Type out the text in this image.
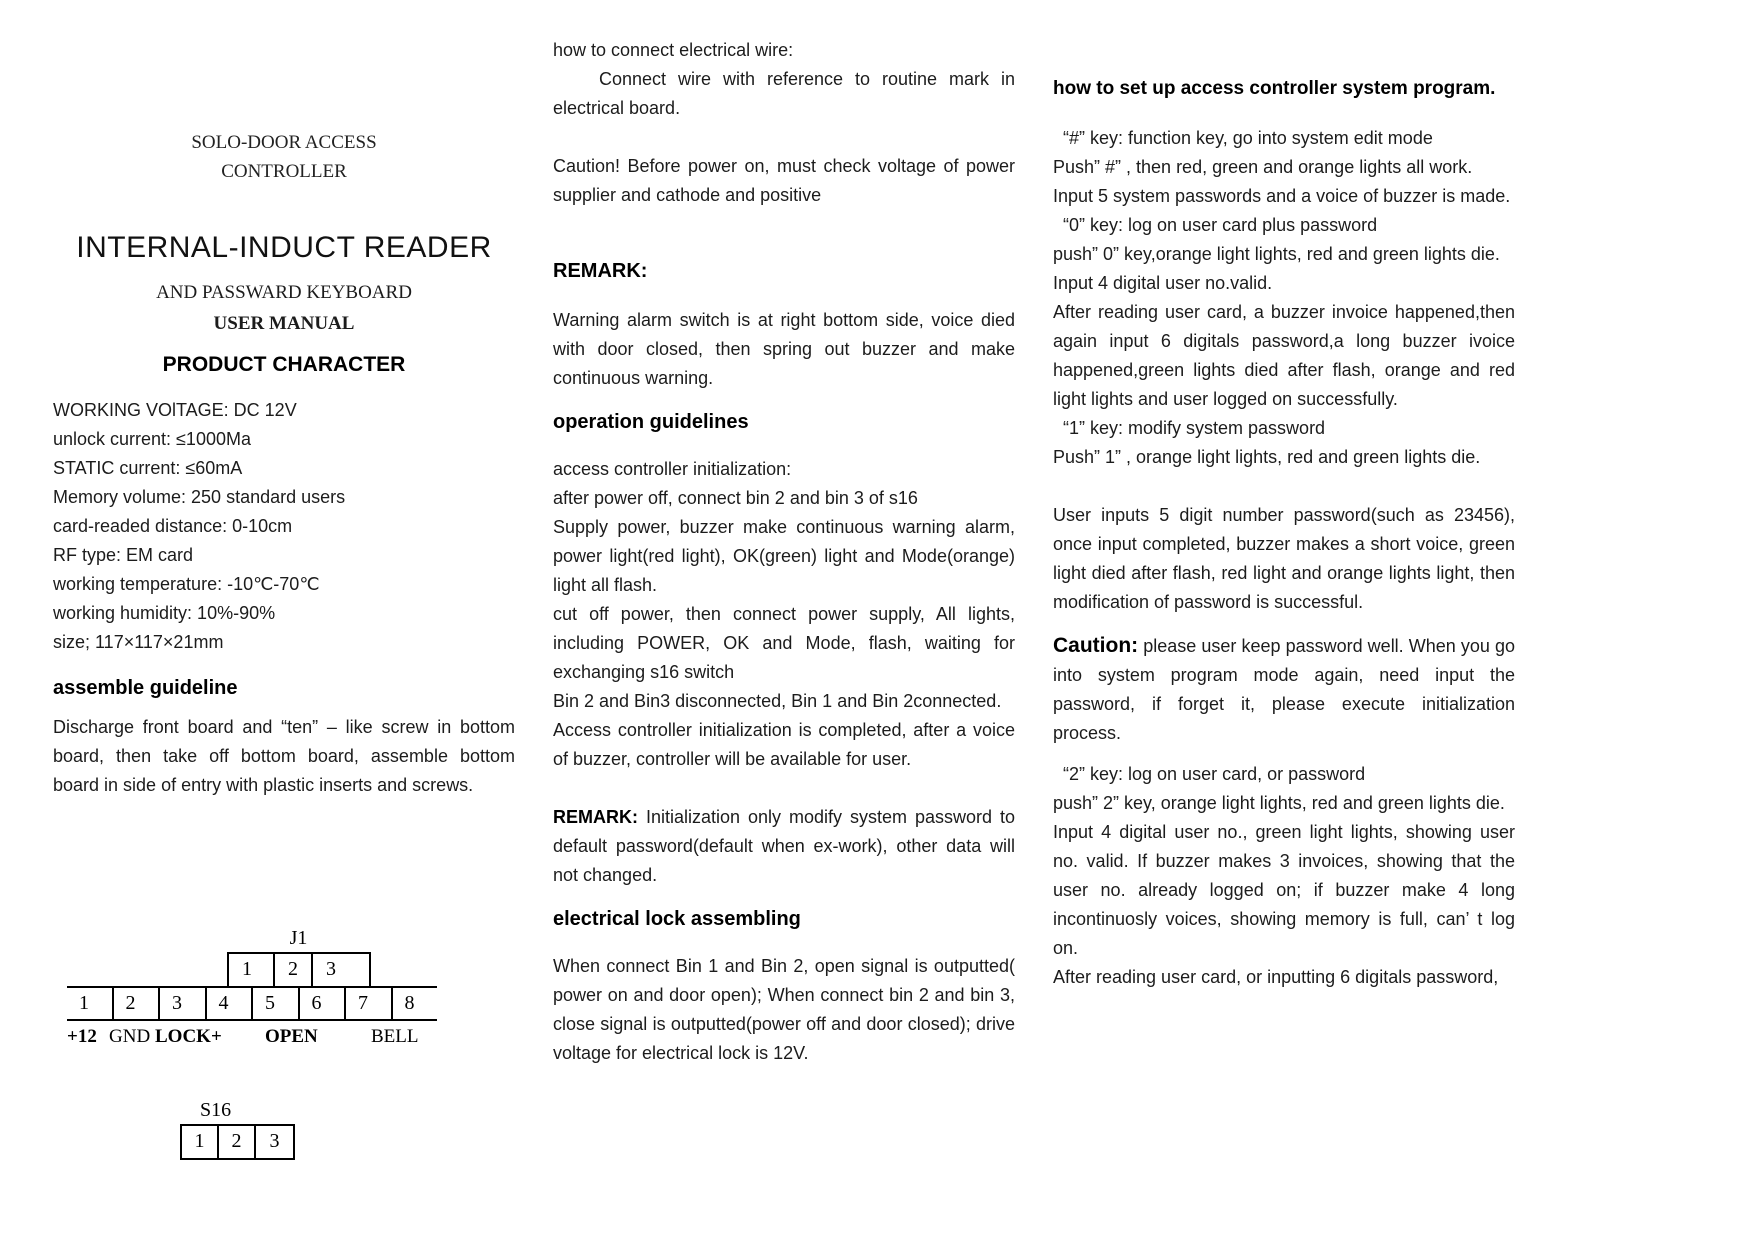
SOLO-DOOR ACCESS
CONTROLLER
INTERNAL-INDUCT READER
AND PASSWARD KEYBOARD
USER MANUAL
PRODUCT CHARACTER
WORKING VOlTAGE: DC 12V
unlock current: ≤1000Ma
STATIC current: ≤60mA
Memory volume: 250 standard users
card-readed distance: 0-10cm
RF type: EM card
working temperature: -10℃-70℃
working humidity: 10%-90%
size; 117×117×21mm
assemble guideline

Discharge front board and “ten” – like screw in bottom board, then take off bottom board, assemble bottom board in side of entry with plastic inserts and screws.

J1
1	2	3
1	2	3	4	5	6	7	8
+12 GND LOCK+ OPEN	BELL
S16
1	2	3

how to connect electrical wire:

Connect wire with reference to routine mark in electrical board.

Caution! Before power on, must check voltage of power supplier and cathode and positive

REMARK:

Warning alarm switch is at right bottom side, voice died with door closed, then spring out buzzer and make continuous warning.

operation guidelines

access controller initialization:

after power off, connect bin 2 and bin 3 of s16

Supply power, buzzer make continuous warning alarm, power light(red light), OK(green) light and Mode(orange) light all flash.

cut off power, then connect power supply, All lights, including POWER, OK and Mode, flash, waiting for exchanging s16 switch

Bin 2 and Bin3 disconnected, Bin 1 and Bin 2connected.

Access controller initialization is completed, after a voice of buzzer, controller will be available for user.

REMARK: Initialization only modify system password to default password(default when ex-work), other data will not changed.

electrical lock assembling

When connect Bin 1 and Bin 2, open signal is outputted( power on and door open); When connect bin 2 and bin 3, close signal is outputted(power off and door closed); drive voltage for electrical lock is 12V.

how to set up access controller system program.

“#” key: function key, go into system edit mode

Push” #” , then red, green and orange lights all work.

Input 5 system passwords and a voice of buzzer is made.

“0” key: log on user card plus password

push” 0” key,orange light lights, red and green lights die.

Input 4 digital user no.valid.

After reading user card, a buzzer invoice happened,then again input 6 digitals password,a long buzzer ivoice happened,green lights died after flash, orange and red light lights and user logged on successfully.

“1” key: modify system password

Push” 1” , orange light lights, red and green lights die.

User inputs 5 digit number password(such as 23456), once input completed, buzzer makes a short voice, green light died after flash, red light and orange lights light, then modification of password is successful.

Caution: please user keep password well. When you go into system program mode again, need input the password, if forget it, please execute initialization process.

“2” key: log on user card, or password

push” 2” key, orange light lights, red and green lights die.

Input 4 digital user no., green light lights, showing user no. valid. If buzzer makes 3 invoices, showing that the user no. already logged on; if buzzer make 4 long incontinuosly voices, showing memory is full, can’ t log on.

After reading user card, or inputting 6 digitals password,
